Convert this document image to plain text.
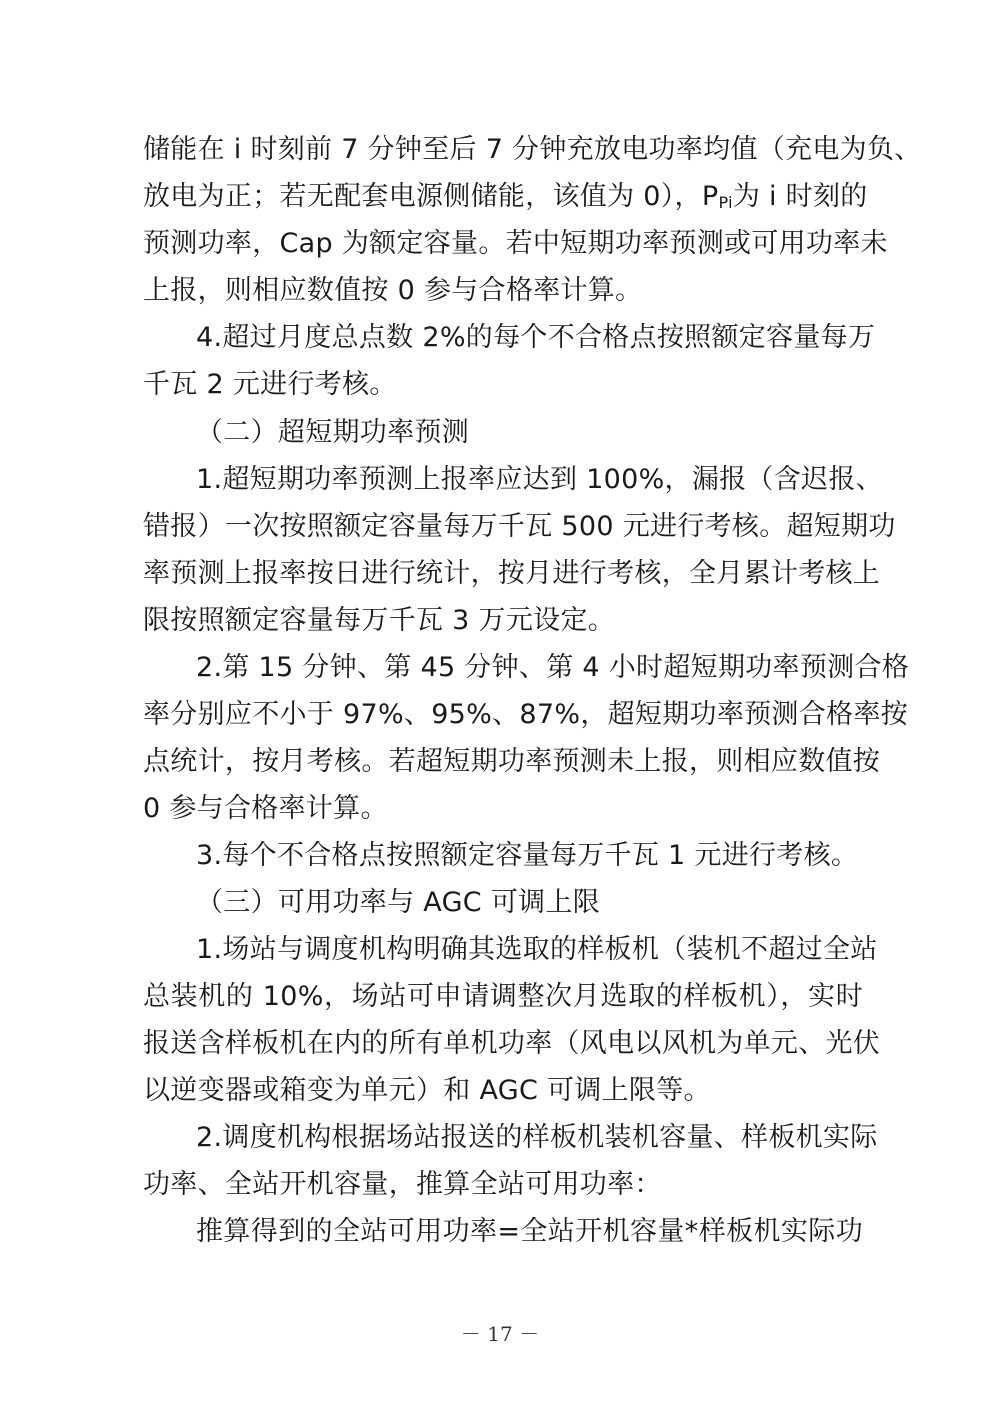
储能在 i 时刻前 7 分钟至后 7 分钟充放电功率均值（充电为负、
放电为正；若无配套电源侧储能，该值为 0），PPi为 i 时刻的
预测功率，Cap 为额定容量。若中短期功率预测或可用功率未
上报，则相应数值按 0 参与合格率计算。
4.超过月度总点数 2%的每个不合格点按照额定容量每万
千瓦 2 元进行考核。
（二）超短期功率预测
1.超短期功率预测上报率应达到 100%，漏报（含迟报、
错报）一次按照额定容量每万千瓦 500 元进行考核。超短期功
率预测上报率按日进行统计，按月进行考核，全月累计考核上
限按照额定容量每万千瓦 3 万元设定。
2.第 15 分钟、第 45 分钟、第 4 小时超短期功率预测合格
率分别应不小于 97%、95%、87%，超短期功率预测合格率按
点统计，按月考核。若超短期功率预测未上报，则相应数值按
0 参与合格率计算。
3.每个不合格点按照额定容量每万千瓦 1 元进行考核。
（三）可用功率与 AGC 可调上限
1.场站与调度机构明确其选取的样板机（装机不超过全站
总装机的 10%，场站可申请调整次月选取的样板机），实时
报送含样板机在内的所有单机功率（风电以风机为单元、光伏
以逆变器或箱变为单元）和 AGC 可调上限等。
2.调度机构根据场站报送的样板机装机容量、样板机实际
功率、全站开机容量，推算全站可用功率：
推算得到的全站可用功率=全站开机容量*样板机实际功
－ 17 －
